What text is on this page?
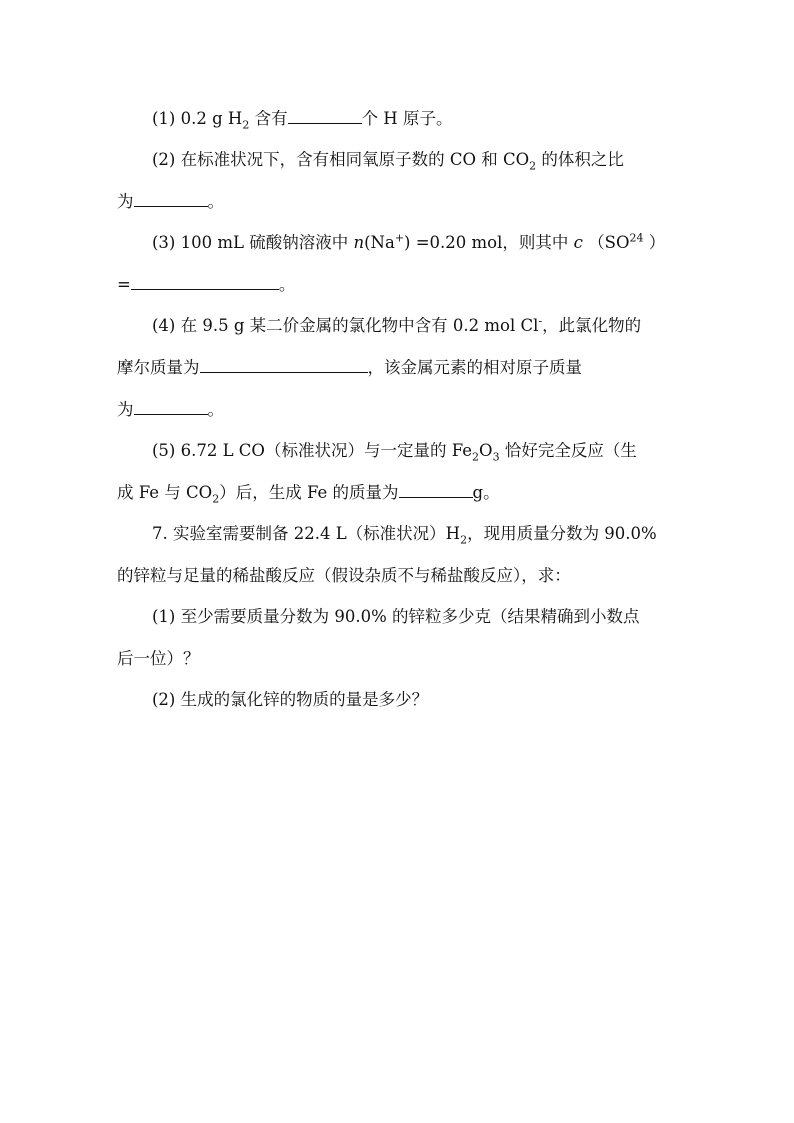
(1) 0.2 g $H_2$ 含有	个 H 原子。
(2) 在标准状况下，含有相同氧原子数的 CO 和 $CO_2$ 的体积之比
为	。
(3) 100 mL 硫酸钠溶液中 n(Na+) =0.20 mol，则其中 c （SO$^{24}$ ）
=	。
(4) 在 9.5 g 某二价金属的氯化物中含有 0.2 mol Cl-，此氯化物的
摩尔质量为	，该金属元素的相对原子质量
为	。
(5) 6.72 L CO（标准状况）与一定量的 $Fe_2O_3$ 恰好完全反应（生
成 Fe 与 $CO_2$）后，生成 Fe 的质量为	g。
7. 实验室需要制备 22.4 L（标准状况）$H_2$，现用质量分数为 90.0%
的锌粒与足量的稀盐酸反应（假设杂质不与稀盐酸反应），求：
(1) 至少需要质量分数为 90.0% 的锌粒多少克（结果精确到小数点
后一位）？
(2) 生成的氯化锌的物质的量是多少？
